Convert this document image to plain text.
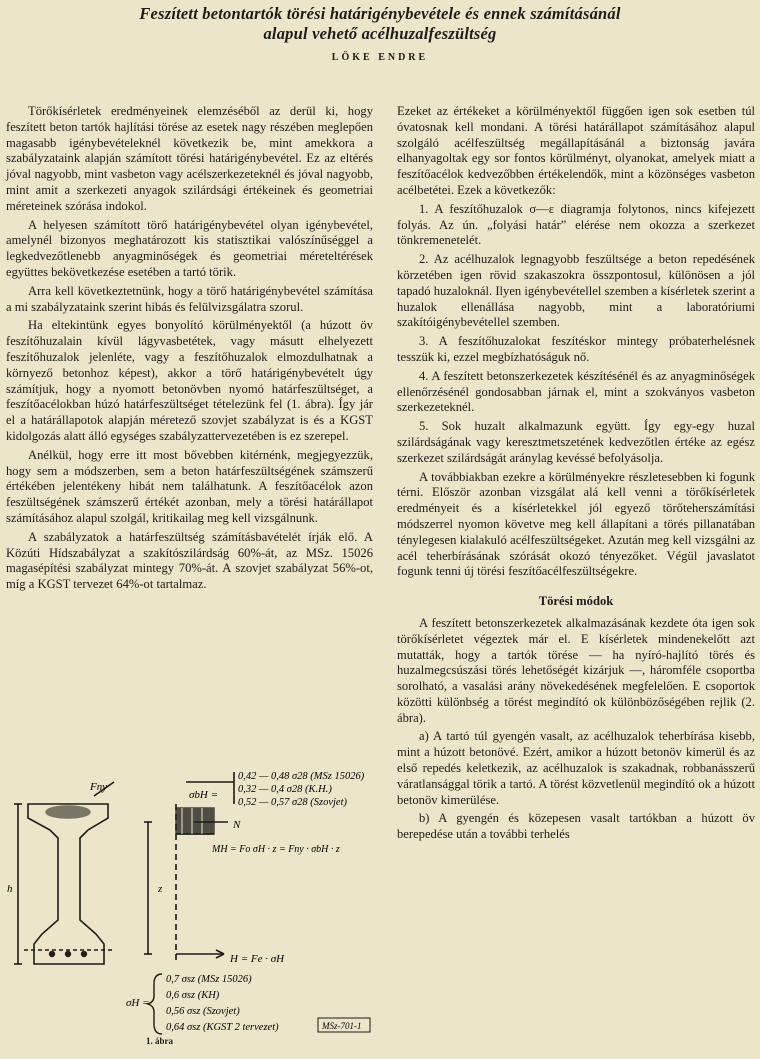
Feszített betontartók törési határigénybevétele és ennek számításánál
alapul vehető acélhuzalfeszültség
LÖKE ENDRE

Törőkísérletek eredményeinek elemzéséből az derül ki, hogy feszített beton tartók hajlítási törése az esetek nagy részében meglepően magasabb igénybevételeknél következik be, mint amekkora a szabályzataink alapján számított törési határigénybevétel. Ez az eltérés jóval nagyobb, mint vasbeton vagy acélszerkezeteknél és jóval nagyobb, mint amit a szerkezeti anyagok szilárdsági értékeinek és geometriai méreteinek szórása indokol.

A helyesen számított törő határigénybevétel olyan igénybevétel, amelynél bizonyos meghatározott kis statisztikai valószínűséggel a legkedvezőtlenebb anyagminőségek és geometriai méreteltérések együttes bekövetkezése esetében a tartó törik.

Arra kell következtetnünk, hogy a törő határigénybevétel számítása a mi szabályzataink szerint hibás és felülvizsgálatra szorul.

Ha eltekintünk egyes bonyolító körülményektől (a húzott öv feszítőhuzalain kívül lágyvasbetétek, vagy másutt elhelyezett feszítőhuzalok jelenléte, vagy a feszítőhuzalok elmozdulhatnak a környező betonhoz képest), akkor a törő határigénybevételt úgy számítjuk, hogy a nyomott betonövben nyomó határfeszültséget, a feszítőacélokban húzó határfeszültséget tételezünk fel (1. ábra). Így jár el a határállapotok alapján méretező szovjet szabályzat is és a KGST kidolgozás alatt álló egységes szabályzattervezetében is ez szerepel.

Anélkül, hogy erre itt most bővebben kitérnénk, megjegyezzük, hogy sem a módszerben, sem a beton határfeszültségének számszerű értékében jelentékeny hibát nem találhatunk. A feszítőacélok azon feszültségének számszerű értékét azonban, mely a törési határállapot számításához alapul szolgál, kritikailag meg kell vizsgálnunk.

A szabályzatok a határfeszültség számításbavételét írják elő. A Közúti Hídszabályzat a szakítószilárdság 60%-át, az MSz. 15026 magasépítési szabályzat mintegy 70%-át. A szovjet szabályzat 56%-ot, míg a KGST tervezet 64%-ot tartalmaz.

Fny
h
σbH =
z
N
H = Fe · σH
MH = Fo σH · z = Fny · σbH · z
0,42 — 0,48 σ28 (MSz 15026)
0,32 — 0,4 σ28 (K.H.)
0,52 — 0,57 σ28 (Szovjet)
σH =
0,7 σsz (MSz 15026)
0,6 σsz (KH)
0,56 σsz (Szovjet)
0,64 σsz (KGST 2 tervezet)	MSz-701-1
1. ábra

Ezeket az értékeket a körülményektől függően igen sok esetben túl óvatosnak kell mondani. A törési határállapot számításához alapul szolgáló acélfeszültség megállapításánál a biztonság javára elhanyagoltak egy sor fontos körülményt, olyanokat, amelyek miatt a feszítőacélok kedvezőbben értékelendők, mint a közönséges vasbeton acélbetétei. Ezek a következők:

1. A feszítőhuzalok σ—ε diagramja folytonos, nincs kifejezett folyás. Az ún. „folyási határ” elérése nem okozza a szerkezet tönkremenetelét.

2. Az acélhuzalok legnagyobb feszültsége a beton repedésének körzetében igen rövid szakaszokra összpontosul, különösen a jól tapadó huzaloknál. Ilyen igénybevétellel szemben a kísérletek szerint a huzalok ellenállása nagyobb, mint a laboratóriumi szakítóigénybevétellel szemben.

3. A feszítőhuzalokat feszítéskor mintegy próbaterhelésnek tesszük ki, ezzel megbízhatóságuk nő.

4. A feszített betonszerkezetek készítésénél és az anyagminőségek ellenőrzésénél gondosabban járnak el, mint a szokványos vasbeton szerkezeteknél.

5. Sok huzalt alkalmazunk együtt. Így egy-egy huzal szilárdságának vagy keresztmetszetének kedvezőtlen értéke az egész szerkezet szilárdságát aránylag kevéssé befolyásolja.

A továbbiakban ezekre a körülményekre részletesebben ki fogunk térni. Először azonban vizsgálat alá kell venni a törőkísérletek eredményeit és a kísérletekkel jól egyező törőteherszámítási módszerrel nyomon követve meg kell állapítani a törés pillanatában ténylegesen kialakuló acélfeszültségeket. Azután meg kell vizsgálni az acél teherbírásának szórását okozó tényezőket. Végül javaslatot fogunk tenni új törési feszítőacélfeszültségekre.

Törési módok

A feszített betonszerkezetek alkalmazásának kezdete óta igen sok törőkísérletet végeztek már el. E kísérletek mindenekelőtt azt mutatták, hogy a tartók törése — ha nyíró-hajlító törés és huzalmegcsúszási törés lehetőségét kizárjuk —, háromféle csoportba sorolható, a vasalási arány növekedésének megfelelően. E csoportok közötti különbség a törést megindító ok különbözőségében rejlik (2. ábra).

a) A tartó túl gyengén vasalt, az acélhuzalok teherbírása kisebb, mint a húzott betonövé. Ezért, amikor a húzott betonöv kimerül és az első repedés keletkezik, az acélhuzalok is szakadnak, robbanásszerű váratlansággal törik a tartó. A törést közvetlenül megindító ok a húzott betonöv kimerülése.

b) A gyengén és közepesen vasalt tartókban a húzott öv berepedése után a további terhelés
